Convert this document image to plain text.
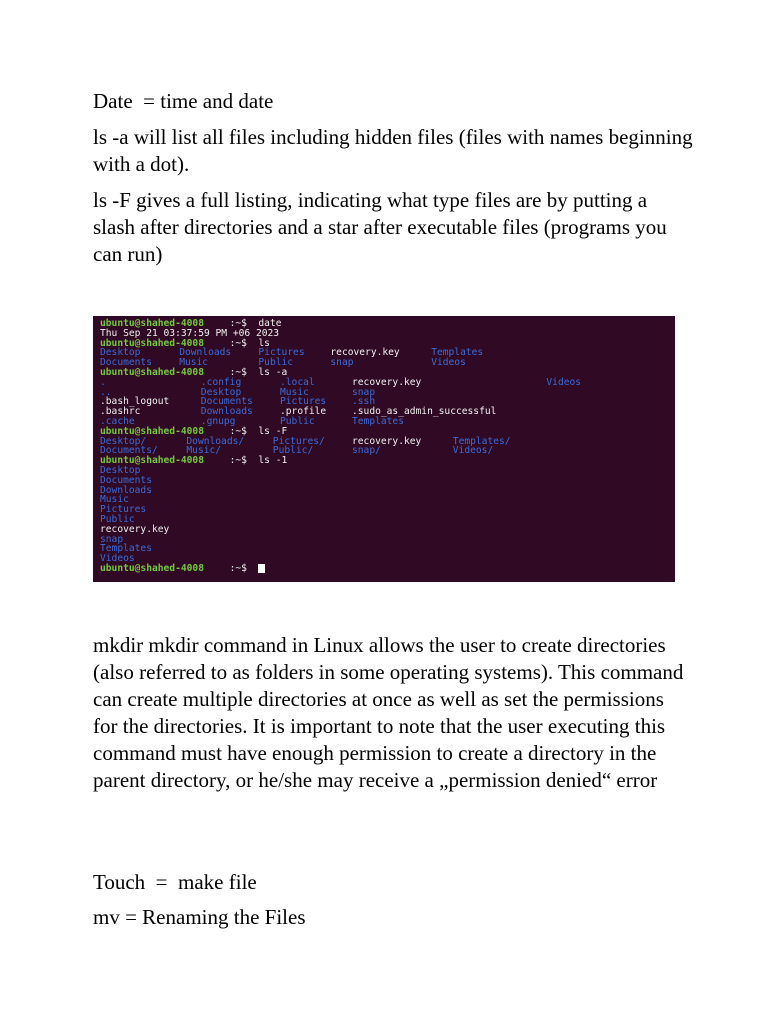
Date  = time and date

ls -a will list all files including hidden files (files with names beginning with a dot).

ls -F gives a full listing, indicating what type files are by putting a slash after directories and a star after executable files (programs you can run)

ubuntu@shahed-4008	:~$ date
Thu Sep 21 03:37:59 PM +06 2023
ubuntu@shahed-4008	:~$ ls
Desktop	Downloads	Pictures	recovery.key	Templates
Documents	Music	Public	snap	Videos
ubuntu@shahed-4008	:~$ ls -a
.	.config	.local	recovery.key	Videos
..	Desktop	Music	snap
.bash_logout	Documents	Pictures	.ssh
.bashrc	Downloads	.profile	.sudo_as_admin_successful
.cache	.gnupg	Public	Templates
ubuntu@shahed-4008	:~$ ls -F
Desktop/	Downloads/	Pictures/	recovery.key	Templates/
Documents/	Music/	Public/	snap/	Videos/
ubuntu@shahed-4008	:~$ ls -1
Desktop
Documents
Downloads
Music
Pictures
Public
recovery.key
snap
Templates
Videos
ubuntu@shahed-4008	:~$

mkdir mkdir command in Linux allows the user to create directories (also referred to as folders in some operating systems). This command can create multiple directories at once as well as set the permissions for the directories. It is important to note that the user executing this command must have enough permission to create a directory in the parent directory, or he/she may receive a „permission denied“ error

Touch  =  make file

mv = Renaming the Files
